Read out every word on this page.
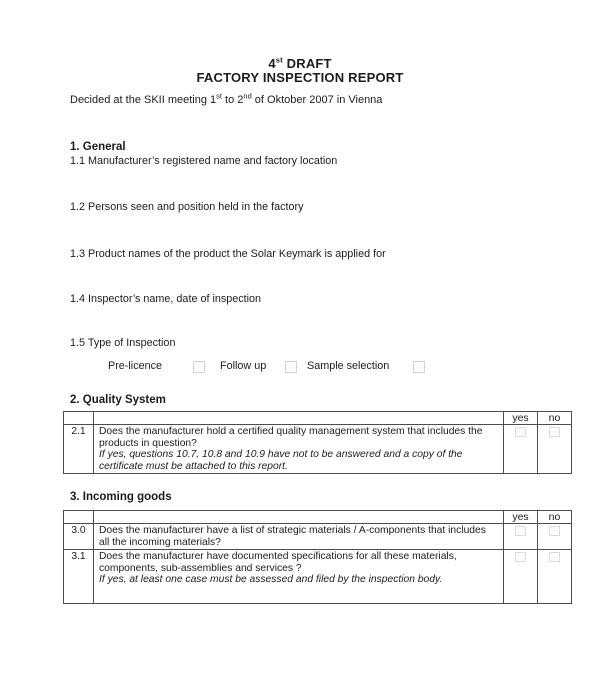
4st DRAFT
FACTORY INSPECTION REPORT
Decided at the SKII meeting 1st to 2nd of Oktober 2007 in Vienna
1. General
1.1 Manufacturer’s registered name and factory location
1.2 Persons seen and position held in the factory
1.3 Product names of the product the Solar Keymark is applied for
1.4 Inspector’s name, date of inspection
1.5 Type of Inspection
Pre-licence	Follow up	Sample selection
2. Quality System
		yes	no
2.1	Does the manufacturer hold a certified quality management system that includes the products in question?
If yes, questions 10.7, 10.8 and 10.9 have not to be answered and a copy of the certificate must be attached to this report.		

3. Incoming goods
		yes	no
3.0	Does the manufacturer have a list of strategic materials / A-components that includes all the incoming materials?		

3.1	Does the manufacturer have documented specifications for all these materials, components, sub-assemblies and services ?
If yes, at least one case must be assessed and filed by the inspection body.		
